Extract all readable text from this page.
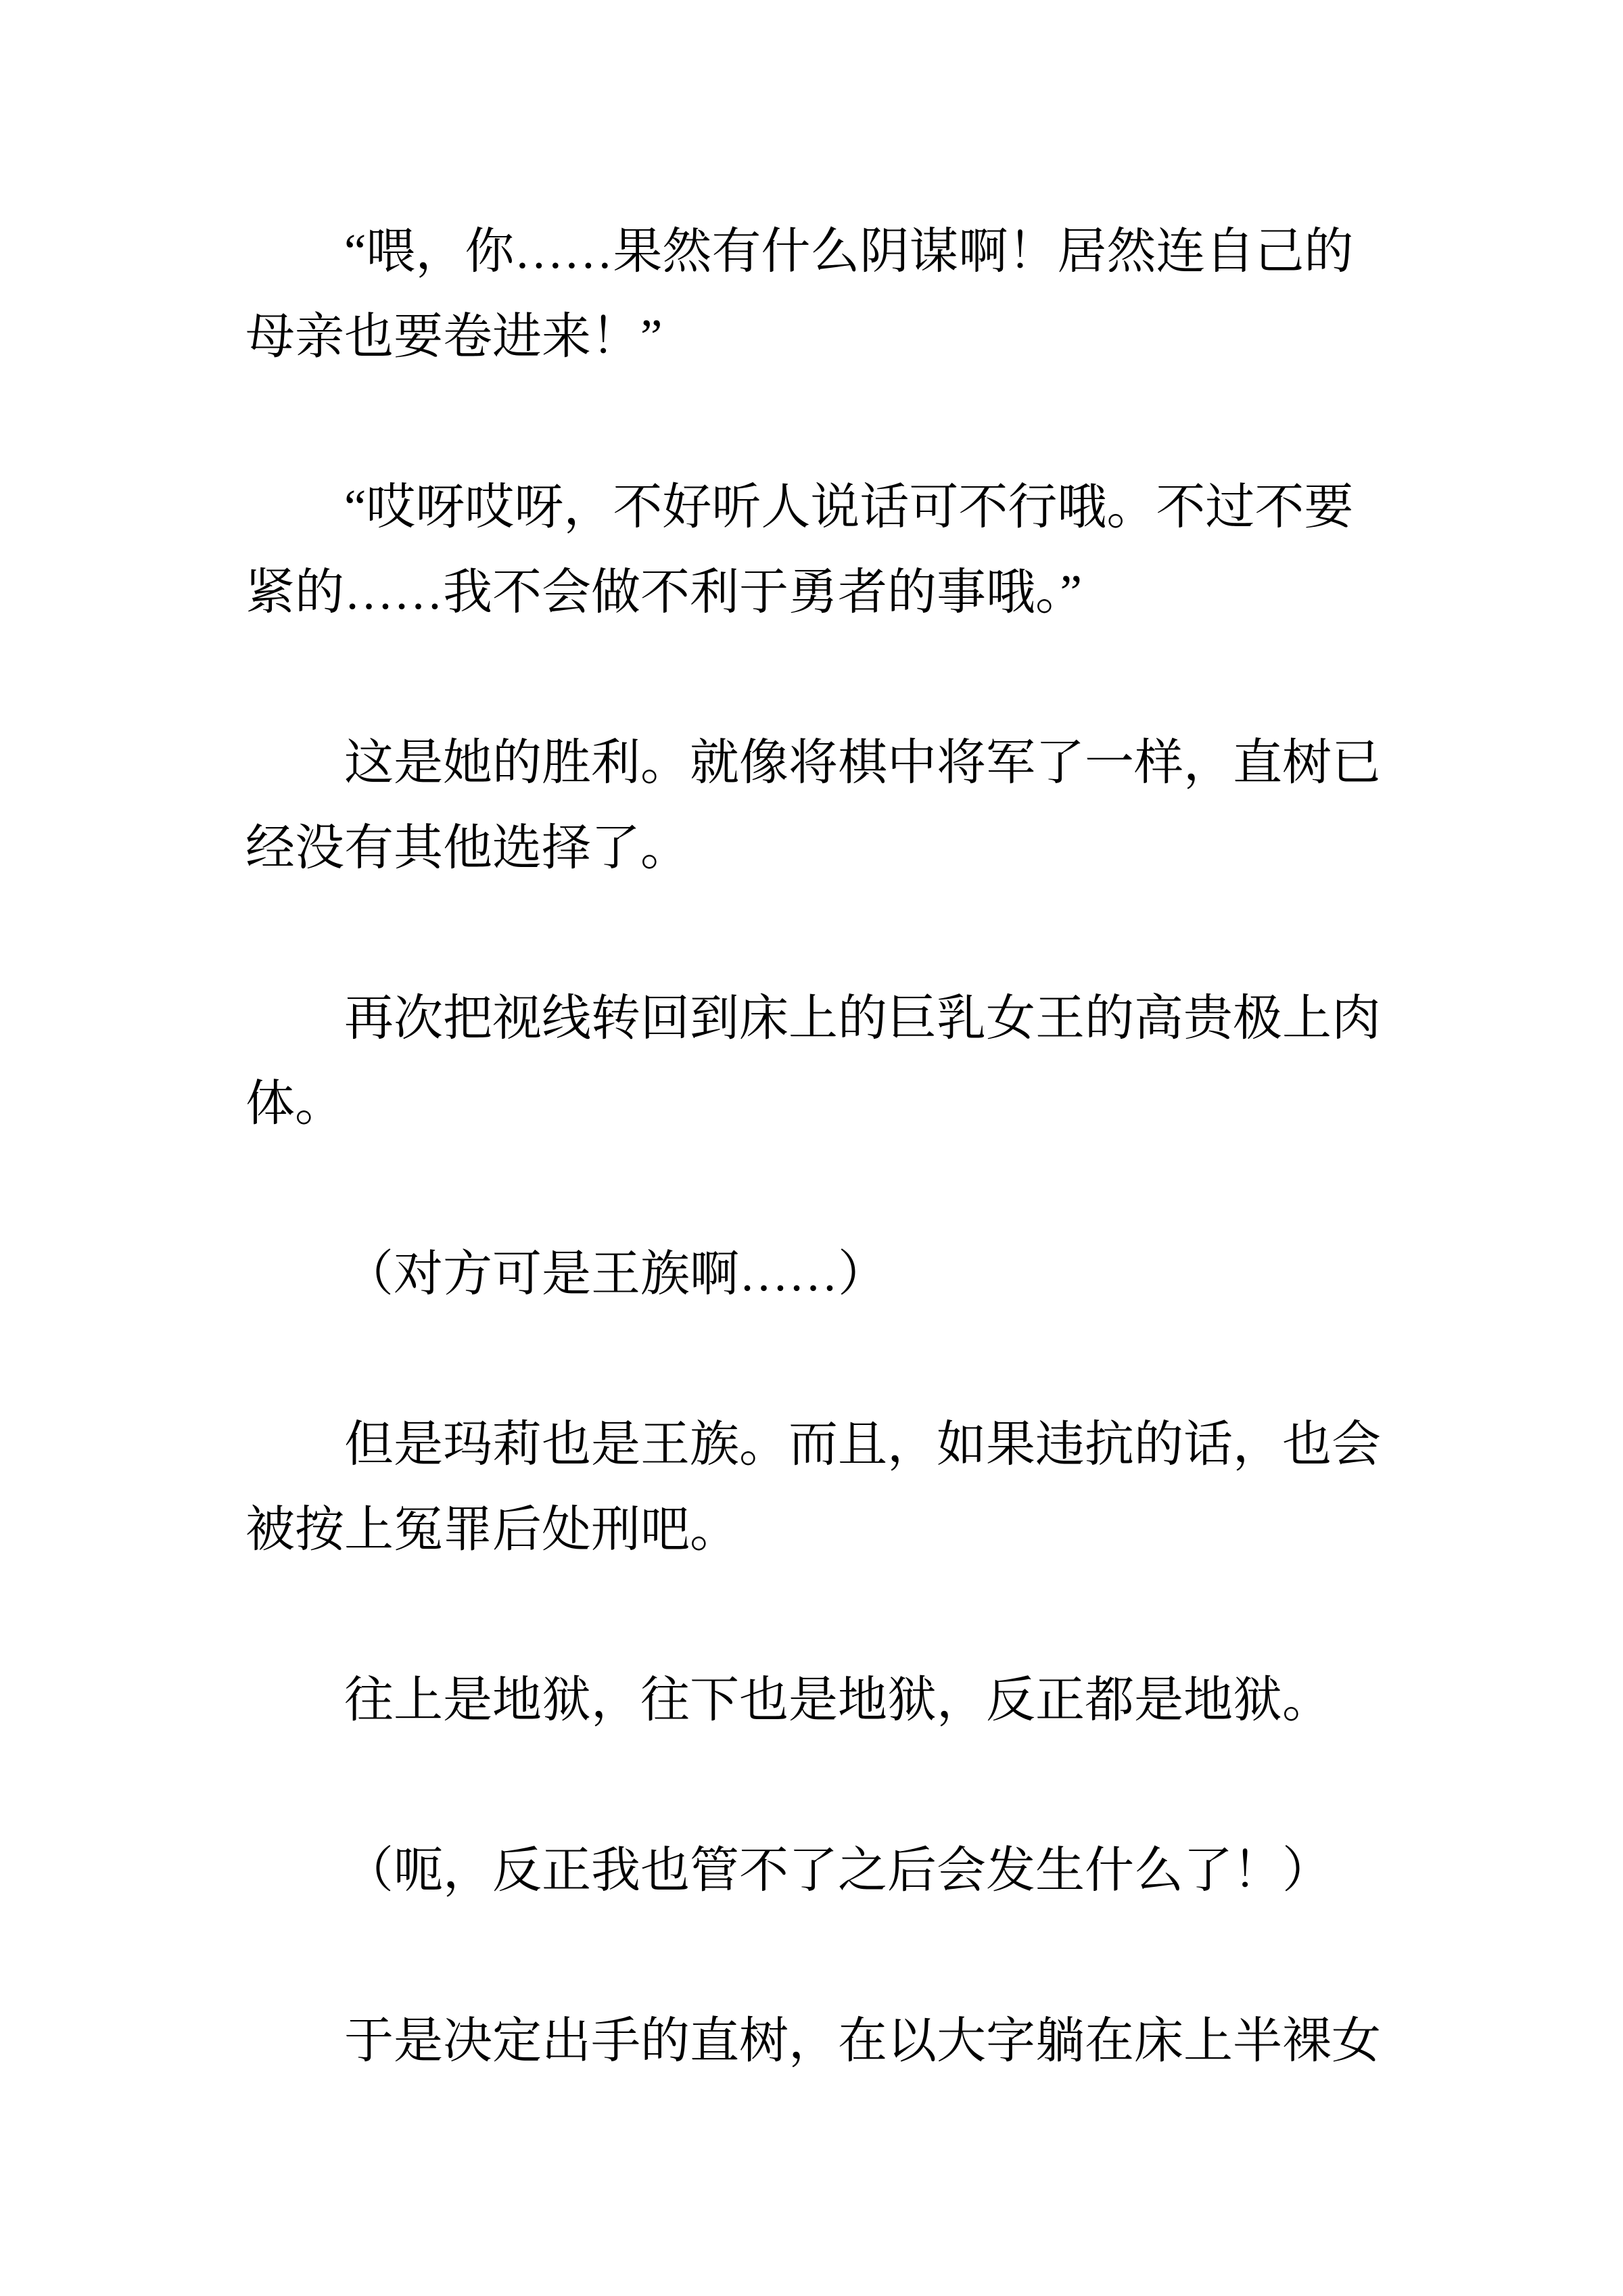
“喂，你……果然有什么阴谋啊！居然连自己的
母亲也要卷进来！”

“哎呀哎呀，不好听人说话可不行哦。不过不要
紧的……我不会做不利于勇者的事哦。”

这是她的胜利。就像将棋中将军了一样，直树已
经没有其他选择了。

再次把视线转回到床上的巨乳女王的高贵极上肉
体。

（对方可是王族啊……）

但是玛莉也是王族。而且，如果违抗的话，也会
被按上冤罪后处刑吧。

往上是地狱，往下也是地狱，反正都是地狱。

（呃，反正我也管不了之后会发生什么了！）

于是决定出手的直树，在以大字躺在床上半裸女
